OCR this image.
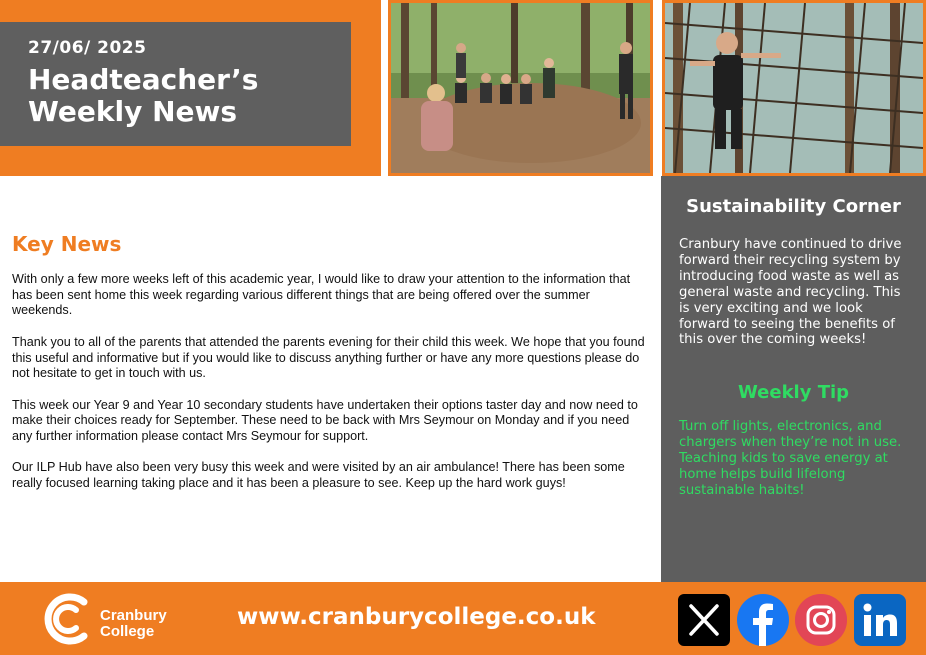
27/06/ 2025
Headteacher’s
Weekly News
Key News

With only a few more weeks left of this academic year, I would like to draw your attention to the information that has been sent home this week regarding various different things that are being offered over the summer weekends.

Thank you to all of the parents that attended the parents evening for their child this week. We hope that you found this useful and informative but if you would like to discuss anything further or have any more questions please do not hesitate to get in touch with us.

This week our Year 9 and Year 10 secondary students have undertaken their options taster day and now need to make their choices ready for September. These need to be back with Mrs Seymour on Monday and if you need any further information please contact Mrs Seymour for support.

Our ILP Hub have also been very busy this week and were visited by an air ambulance! There has been some really focused learning taking place and it has been a pleasure to see. Keep up the hard work guys!

Sustainability Corner
Cranbury have continued to drive forward their recycling system by introducing food waste as well as general waste and recycling. This is very exciting and we look forward to seeing the benefits of this over the coming weeks!
Weekly Tip
Turn off lights, electronics, and chargers when they’re not in use. Teaching kids to save energy at home helps build lifelong sustainable habits!
Cranbury
College
www.cranburycollege.co.uk
